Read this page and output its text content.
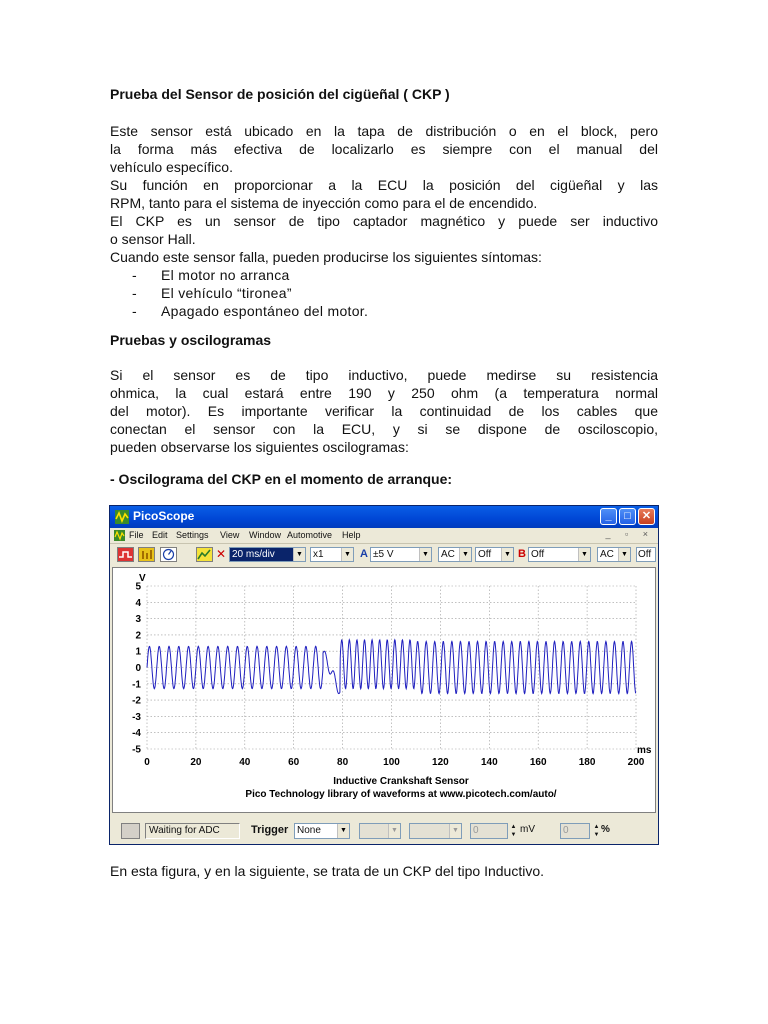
Prueba del Sensor de posición del cigüeñal ( CKP )
Este sensor está ubicado en la tapa de distribución o en el block, pero
la forma más efectiva de localizarlo es siempre con el manual del
vehículo específico.
Su función en proporcionar a la ECU la posición del cigüeñal y las
RPM, tanto para el sistema de inyección como para el de encendido.
El CKP es un sensor de tipo captador magnético y puede ser inductivo
o sensor Hall.
Cuando este sensor falla, pueden producirse los siguientes síntomas:
- El motor no arranca
- El vehículo “tironea”
- Apagado espontáneo del motor.
Pruebas y oscilogramas
Si el sensor es de tipo inductivo, puede medirse su resistencia
ohmica, la cual estará entre 190 y 250 ohm (a temperatura normal
del motor). Es importante verificar la continuidad de los cables que
conectan el sensor con la ECU, y si se dispone de osciloscopio,
pueden observarse los siguientes oscilogramas:
- Oscilograma del CKP en el momento de arranque:
En esta figura, y en la siguiente, se trata de un CKP del tipo Inductivo.
PicoScope	_	□	✕
File Edit Settings View Window Automotive Help	_ ▫ ×
✕ 20 ms/div	▼	x1	▼ A ±5 V	▼	AC	▼ Off	▼ B Off	▼	AC	▼ Off
5
4
3
2
1
0
-1
-2
-3
-4
-5
0	20	40	60	80	100	120	140	160	180	200
V
ms
Inductive Crankshaft Sensor
Pico Technology library of waveforms at www.picotech.com/auto/
Waiting for ADC	Trigger None	▼	▼	▼	0	▲
▼ mV	0	▲
▼ %
